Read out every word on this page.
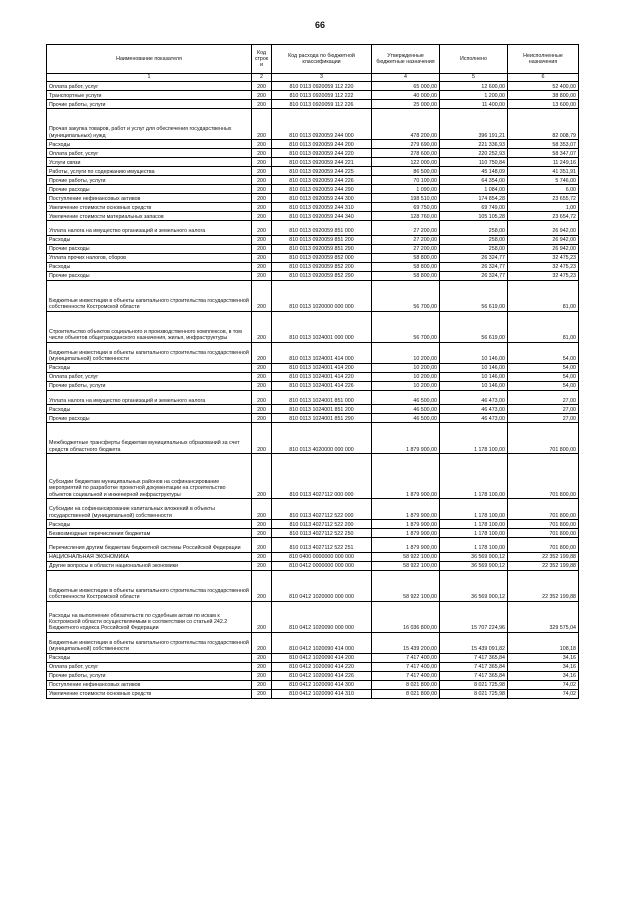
66
Наименование показателя	Код строк и	Код расхода по бюджетной классификации	Утвержденные бюджетные назначения	Исполнено	Неисполненные назначения
1	2	3	4	5	6
Оплата работ, услуг	200	810 0113 0920059 112 220	65 000,00	12 600,00	52 400,00
Транспортные услуги	200	810 0113 0920059 112 222	40 000,00	1 200,00	38 800,00
Прочие работы, услуги	200	810 0113 0920059 112 226	25 000,00	11 400,00	13 600,00
Прочая закупка товаров, работ и услуг для обеспечения государственных (муниципальных) нужд	200	810 0113 0920059 244 000	478 200,00	396 191,21	82 008,79
Расходы	200	810 0113 0920059 244 200	279 690,00	221 336,93	58 353,07
Оплата работ, услуг	200	810 0113 0920059 244 220	278 600,00	220 252,93	58 347,07
Услуги связи	200	810 0113 0920059 244 221	122 000,00	110 750,84	11 249,16
Работы, услуги по содержанию имущества	200	810 0113 0920059 244 225	86 500,00	45 148,09	41 351,91
Прочие работы, услуги	200	810 0113 0920059 244 226	70 100,00	64 354,00	5 746,00
Прочие расходы	200	810 0113 0920059 244 290	1 090,00	1 084,00	6,00
Поступление нефинансовых активов	200	810 0113 0920059 244 300	198 510,00	174 854,28	23 655,72
Увеличение стоимости основных средств	200	810 0113 0920059 244 310	69 750,00	69 749,00	1,00
Увеличение стоимости материальных запасов	200	810 0113 0920059 244 340	128 760,00	105 105,28	23 654,72
Уплата налога на имущество организаций и земельного налога	200	810 0113 0920059 851 000	27 200,00	258,00	26 942,00
Расходы	200	810 0113 0920059 851 200	27 200,00	258,00	26 942,00
Прочие расходы	200	810 0113 0920059 851 290	27 200,00	258,00	26 942,00
Уплата прочих налогов, сборов	200	810 0113 0920059 852 000	58 800,00	26 324,77	32 475,23
Расходы	200	810 0113 0920059 852 200	58 800,00	26 324,77	32 475,23
Прочие расходы	200	810 0113 0920059 852 290	58 800,00	26 324,77	32 475,23
Бюджетные инвестиции в объекты капитального строительства государственной собственности Костромской области	200	810 0113 1020000 000 000	56 700,00	56 619,00	81,00
Строительство объектов социального и производственного комплексов, в том числе объектов общегражданского назначения, жилья, инфраструктуры	200	810 0113 1024001 000 000	56 700,00	56 619,00	81,00
Бюджетные инвестиции в объекты капитального строительства государственной (муниципальной) собственности	200	810 0113 1024001 414 000	10 200,00	10 146,00	54,00
Расходы	200	810 0113 1024001 414 200	10 200,00	10 146,00	54,00
Оплата работ, услуг	200	810 0113 1024001 414 220	10 200,00	10 146,00	54,00
Прочие работы, услуги	200	810 0113 1024001 414 226	10 200,00	10 146,00	54,00
Уплата налога на имущество организаций и земельного налога	200	810 0113 1024001 851 000	46 500,00	46 473,00	27,00
Расходы	200	810 0113 1024001 851 200	46 500,00	46 473,00	27,00
Прочие расходы	200	810 0113 1024001 851 290	46 500,00	46 473,00	27,00
Межбюджетные трансферты бюджетам муниципальных образований за счет средств областного бюджета	200	810 0113 4020000 000 000	1 879 900,00	1 178 100,00	701 800,00
Субсидии бюджетам муниципальных районов на софинансирование мероприятий по разработке проектной документации на строительство объектов социальной и инженерной инфраструктуры	200	810 0113 4027112 000 000	1 879 900,00	1 178 100,00	701 800,00
Субсидии на софинансирование капитальных вложений в объекты государственной (муниципальной) собственности	200	810 0113 4027112 522 000	1 879 900,00	1 178 100,00	701 800,00
Расходы	200	810 0113 4027112 522 200	1 879 900,00	1 178 100,00	701 800,00
Безвозмездные перечисления бюджетам	200	810 0113 4027112 522 250	1 879 900,00	1 178 100,00	701 800,00
Перечисления другим бюджетам бюджетной системы Российской Федерации	200	810 0113 4027112 522 251	1 879 900,00	1 178 100,00	701 800,00
НАЦИОНАЛЬНАЯ ЭКОНОМИКА	200	810 0400 0000000 000 000	58 922 100,00	36 569 900,12	22 352 199,88
Другие вопросы в области национальной экономики	200	810 0412 0000000 000 000	58 922 100,00	36 569 900,12	22 352 199,88
Бюджетные инвестиции в объекты капитального строительства государственной собственности Костромской области	200	810 0412 1020000 000 000	58 922 100,00	36 569 900,12	22 352 199,88
Расходы на выполнение обязательств по судебным актам по искам к Костромской области осуществляемым в соответствии со статьей 242.2 Бюджетного кодекса Российской Федерации	200	810 0412 1020090 000 000	16 036 800,00	15 707 224,96	329 575,04
Бюджетные инвестиции в объекты капитального строительства государственной (муниципальной) собственности	200	810 0412 1020090 414 000	15 439 200,00	15 439 091,82	108,18
Расходы	200	810 0412 1020090 414 200	7 417 400,00	7 417 365,84	34,16
Оплата работ, услуг	200	810 0412 1020090 414 220	7 417 400,00	7 417 365,84	34,16
Прочие работы, услуги	200	810 0412 1020090 414 226	7 417 400,00	7 417 365,84	34,16
Поступление нефинансовых активов	200	810 0412 1020090 414 300	8 021 800,00	8 021 725,98	74,02
Увеличение стоимости основных средств	200	810 0412 1020090 414 310	8 021 800,00	8 021 725,98	74,02
